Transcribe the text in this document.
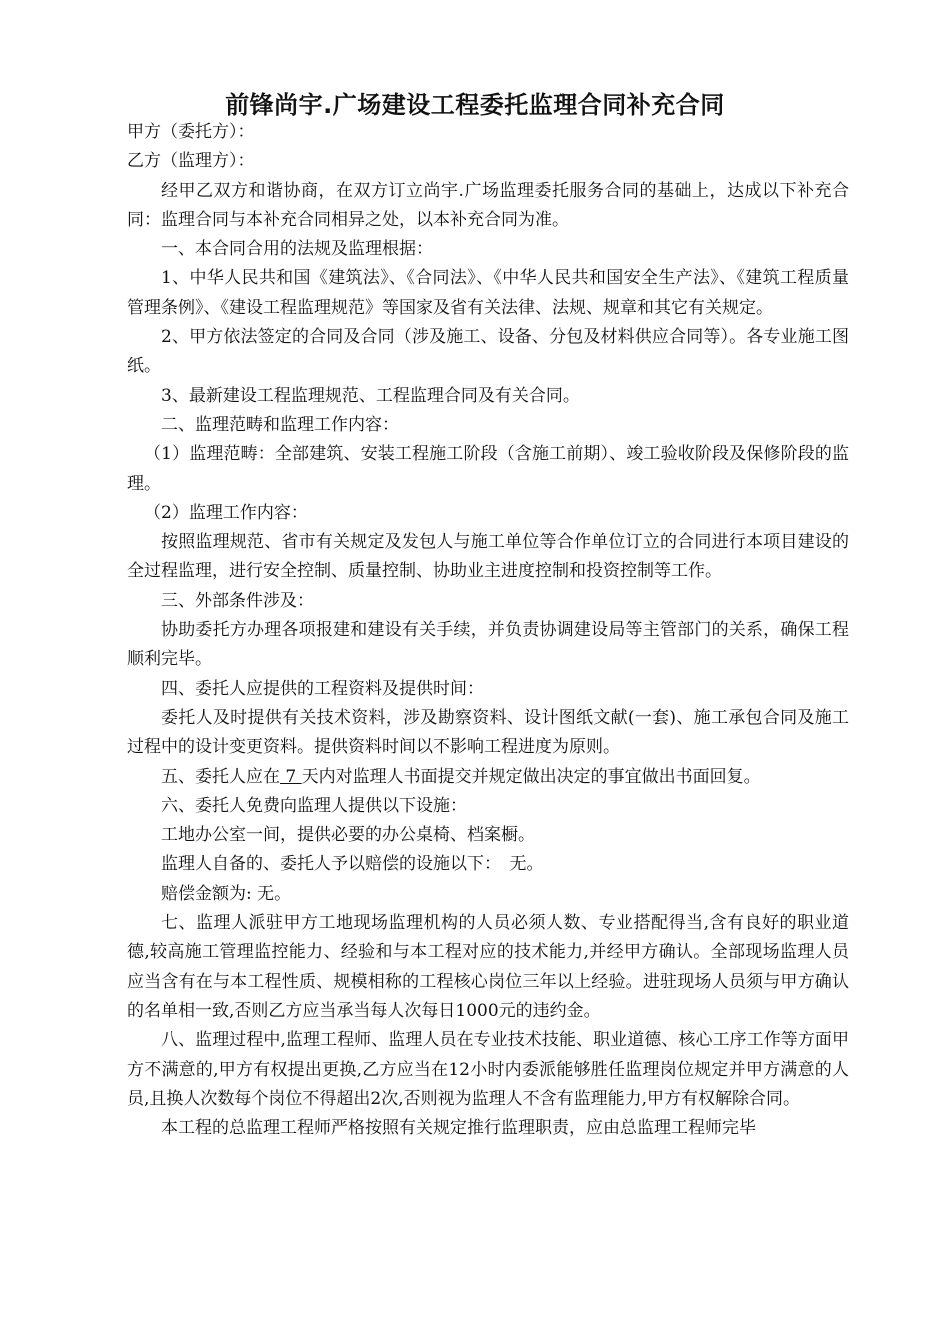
前锋尚宇.广场建设工程委托监理合同补充合同

甲方（委托方）：

乙方（监理方）：

经甲乙双方和谐协商，在双方订立尚宇.广场监理委托服务合同的基础上，达成以下补充合同：监理合同与本补充合同相异之处，以本补充合同为准。

一、本合同合用的法规及监理根据：

1、中华人民共和国《建筑法》、《合同法》、《中华人民共和国安全生产法》、《建筑工程质量管理条例》、《建设工程监理规范》等国家及省有关法律、法规、规章和其它有关规定。

2、甲方依法签定的合同及合同（涉及施工、设备、分包及材料供应合同等）。各专业施工图纸。

3、最新建设工程监理规范、工程监理合同及有关合同。

二、监理范畴和监理工作内容：

（1）监理范畴：全部建筑、安装工程施工阶段（含施工前期）、竣工验收阶段及保修阶段的监理。

（2）监理工作内容：

按照监理规范、省市有关规定及发包人与施工单位等合作单位订立的合同进行本项目建设的全过程监理，进行安全控制、质量控制、协助业主进度控制和投资控制等工作。

三、外部条件涉及：

协助委托方办理各项报建和建设有关手续，并负责协调建设局等主管部门的关系，确保工程顺利完毕。

四、委托人应提供的工程资料及提供时间：

委托人及时提供有关技术资料，涉及勘察资料、设计图纸文献(一套)、施工承包合同及施工过程中的设计变更资料。提供资料时间以不影响工程进度为原则。

五、委托人应在 7 天内对监理人书面提交并规定做出决定的事宜做出书面回复。

六、委托人免费向监理人提供以下设施：

工地办公室一间，提供必要的办公桌椅、档案橱。

监理人自备的、委托人予以赔偿的设施以下：　无。

赔偿金额为: 无。

七、监理人派驻甲方工地现场监理机构的人员必须人数、专业搭配得当,含有良好的职业道德,较高施工管理监控能力、经验和与本工程对应的技术能力,并经甲方确认。全部现场监理人员应当含有在与本工程性质、规模相称的工程核心岗位三年以上经验。进驻现场人员须与甲方确认的名单相一致,否则乙方应当承当每人次每日1000元的违约金。

八、监理过程中,监理工程师、监理人员在专业技术技能、职业道德、核心工序工作等方面甲方不满意的,甲方有权提出更换,乙方应当在12小时内委派能够胜任监理岗位规定并甲方满意的人员,且换人次数每个岗位不得超出2次,否则视为监理人不含有监理能力,甲方有权解除合同。

本工程的总监理工程师严格按照有关规定推行监理职责，应由总监理工程师完毕
